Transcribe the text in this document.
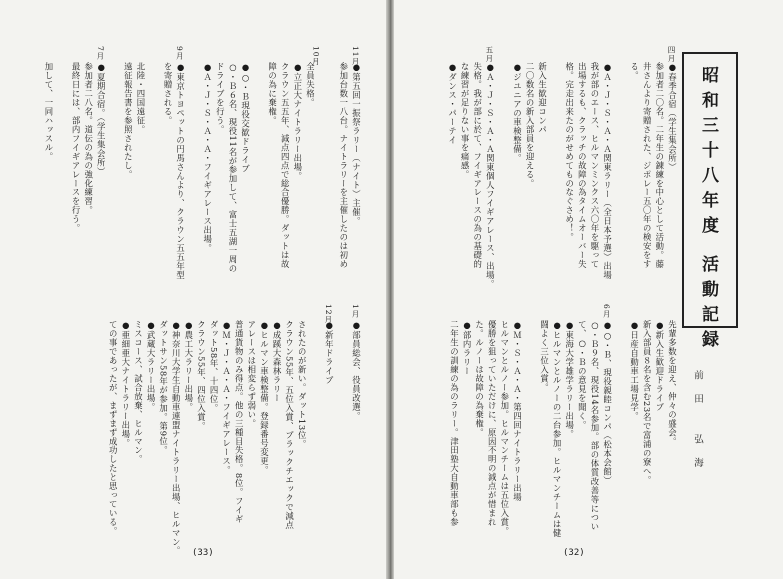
昭和三十八年度 活動記録
前田 弘海
(33)	(32)
四月
●春季合宿（学生集会所）
参加者二〇名。二年生の錬練を中心として活動。藤
井さんより寄贈された、ジポレー五〇年の検安をす
る。
●Ａ・Ｊ・Ｓ・Ａ・Ａ関東ラリー（全日本予選）出場
我が部のエース、ヒルマンミンクス六〇年を駆って
出場するも、クラッチの故障の為タイムオーバー失
格。完走出来たのがせめてものなぐさめ！。
新入生歓迎コンパ
二〇数名の新入部員を迎える。
●ジユニアの車検整備。
五月
●Ａ・Ｊ・Ｓ・Ａ・Ａ関東個人フイギアレース、出場。
失格。我が部に於て、フイギアレースの為の基礎的
な練習が足りない事を痛感。
●ダンス・パーテイ
先輩多数を迎え、仲々の盛会。
●新入生歓迎ドライブ
新入部員８名を含む23名で富浦の寮へ。
●日産自動車工場見学。
6月
●○・Ｂ、現役親睦コンパ（松本会館）
○・Ｂ９名、現役14名参加。部の体質改善等につい
て、○・Ｂの意見を聞く。
●東海大学雄学ラリー出場。
●ヒルマンとルノーの二台参加。ヒルマンチームは健
闘よく三位入賞。
●Ｍ・Ｓ・Ａ・Ａ・第四回ナイトラリー出場
ヒルマンとルノー参加。ヒルマンチームは五位入賞。
優勝を狙っていただけに、原因不明の減点が惜まれ
た。ルノーは故障の為棄権。
●部内ラリー
二年生の訓練の為のラリー。津田塾大自動車部も参
11月
●第五回一振祭ラリー（ナイト）主催。
参加台数一八台。ナイトラリーを主催したのは初め
10月
全員失格。
●立正大ナイトラリー出場。
クラウン五五年、減点四点で総合優勝。ダットは故
障の為に棄権。
●○・Ｂ現役交歓ドライブ
○・Ｂ６名、現役11名が参加して、富士五湖一周の
ドライブを行う。
●Ａ・Ｊ・Ｓ・Ａ・Ａ・フイギアレース出場。
9月
●東京トヨペットの円馬さんより、クラウン五五年型
を寄贈される。
北陸・四国遠征。
遠征報告書を参照されたし。
7月
●夏期合宿。（学生集会所）
参加者二八名。道伝の為の強化練習。
最終日には、部内フイギアレースを行う。
加して、一同ハッスル。
1月
●部員総会、役員改選。
12月
●新年ドライブ
されたのが新い。ダット13位。
クラウン55年、五位入賞、ブラックチエックで減点
●成蹊大森林ラリー
●ヒルマン車検整備。登録番号変更。
アレースは相変らず弱い。
普通貨物のみ得点。他の三種目失格。8位。フイギ
●Ｍ・Ｊ・Ａ・Ａ・フイギアレース。
ダット58年、十四位。
クラウン55年、四位入賞。
●農工大ラリー出場。
●神奈川大学生自動車連盟ナイトラリー出場、ヒルマン。
ダットサン58年が参加。第9位。
●武蔵大ラリー出場。
ミスコース、試合放棄、ヒルマン。
●亜細亜大ナイトラリー出場。
ての事であったが、まずまず成功したと思っている。
